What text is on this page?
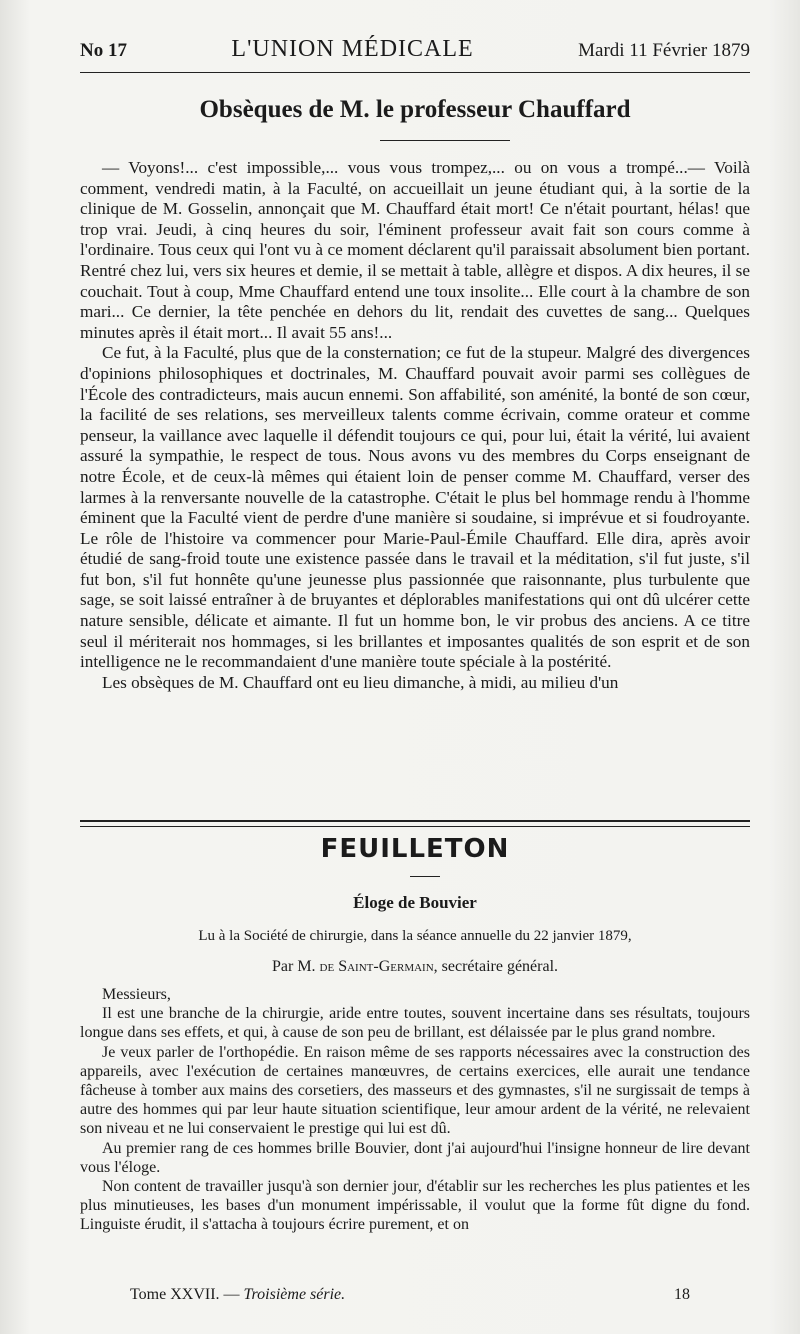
No 17	L'UNION MÉDICALE	Mardi 11 Février 1879
Obsèques de M. le professeur Chauffard

— Voyons!... c'est impossible,... vous vous trompez,... ou on vous a trompé...— Voilà comment, vendredi matin, à la Faculté, on accueillait un jeune étudiant qui, à la sortie de la clinique de M. Gosselin, annonçait que M. Chauffard était mort! Ce n'était pourtant, hélas! que trop vrai. Jeudi, à cinq heures du soir, l'éminent professeur avait fait son cours comme à l'ordinaire. Tous ceux qui l'ont vu à ce moment déclarent qu'il paraissait absolument bien portant. Rentré chez lui, vers six heures et demie, il se mettait à table, allègre et dispos. A dix heures, il se couchait. Tout à coup, Mme Chauffard entend une toux insolite... Elle court à la chambre de son mari... Ce dernier, la tête penchée en dehors du lit, rendait des cuvettes de sang... Quelques minutes après il était mort... Il avait 55 ans!...

Ce fut, à la Faculté, plus que de la consternation; ce fut de la stupeur. Malgré des divergences d'opinions philosophiques et doctrinales, M. Chauffard pouvait avoir parmi ses collègues de l'École des contradicteurs, mais aucun ennemi. Son affabilité, son aménité, la bonté de son cœur, la facilité de ses relations, ses merveilleux talents comme écrivain, comme orateur et comme penseur, la vaillance avec laquelle il défendit toujours ce qui, pour lui, était la vérité, lui avaient assuré la sympathie, le respect de tous. Nous avons vu des membres du Corps enseignant de notre École, et de ceux-là mêmes qui étaient loin de penser comme M. Chauffard, verser des larmes à la renversante nouvelle de la catastrophe. C'était le plus bel hommage rendu à l'homme éminent que la Faculté vient de perdre d'une manière si soudaine, si imprévue et si foudroyante. Le rôle de l'histoire va commencer pour Marie-Paul-Émile Chauffard. Elle dira, après avoir étudié de sang-froid toute une existence passée dans le travail et la méditation, s'il fut juste, s'il fut bon, s'il fut honnête qu'une jeunesse plus passionnée que raisonnante, plus turbulente que sage, se soit laissé entraîner à de bruyantes et déplorables manifestations qui ont dû ulcérer cette nature sensible, délicate et aimante. Il fut un homme bon, le vir probus des anciens. A ce titre seul il mériterait nos hommages, si les brillantes et imposantes qualités de son esprit et de son intelligence ne le recommandaient d'une manière toute spéciale à la postérité.

Les obsèques de M. Chauffard ont eu lieu dimanche, à midi, au milieu d'un

FEUILLETON
Éloge de Bouvier
Lu à la Société de chirurgie, dans la séance annuelle du 22 janvier 1879,
Par M. de Saint-Germain, secrétaire général.

Messieurs,

Il est une branche de la chirurgie, aride entre toutes, souvent incertaine dans ses résultats, toujours longue dans ses effets, et qui, à cause de son peu de brillant, est délaissée par le plus grand nombre.

Je veux parler de l'orthopédie. En raison même de ses rapports nécessaires avec la construction des appareils, avec l'exécution de certaines manœuvres, de certains exercices, elle aurait une tendance fâcheuse à tomber aux mains des corsetiers, des masseurs et des gymnastes, s'il ne surgissait de temps à autre des hommes qui par leur haute situation scientifique, leur amour ardent de la vérité, ne relevaient son niveau et ne lui conservaient le prestige qui lui est dû.

Au premier rang de ces hommes brille Bouvier, dont j'ai aujourd'hui l'insigne honneur de lire devant vous l'éloge.

Non content de travailler jusqu'à son dernier jour, d'établir sur les recherches les plus patientes et les plus minutieuses, les bases d'un monument impérissable, il voulut que la forme fût digne du fond. Linguiste érudit, il s'attacha à toujours écrire purement, et on

Tome XXVII. — Troisième série.	18
